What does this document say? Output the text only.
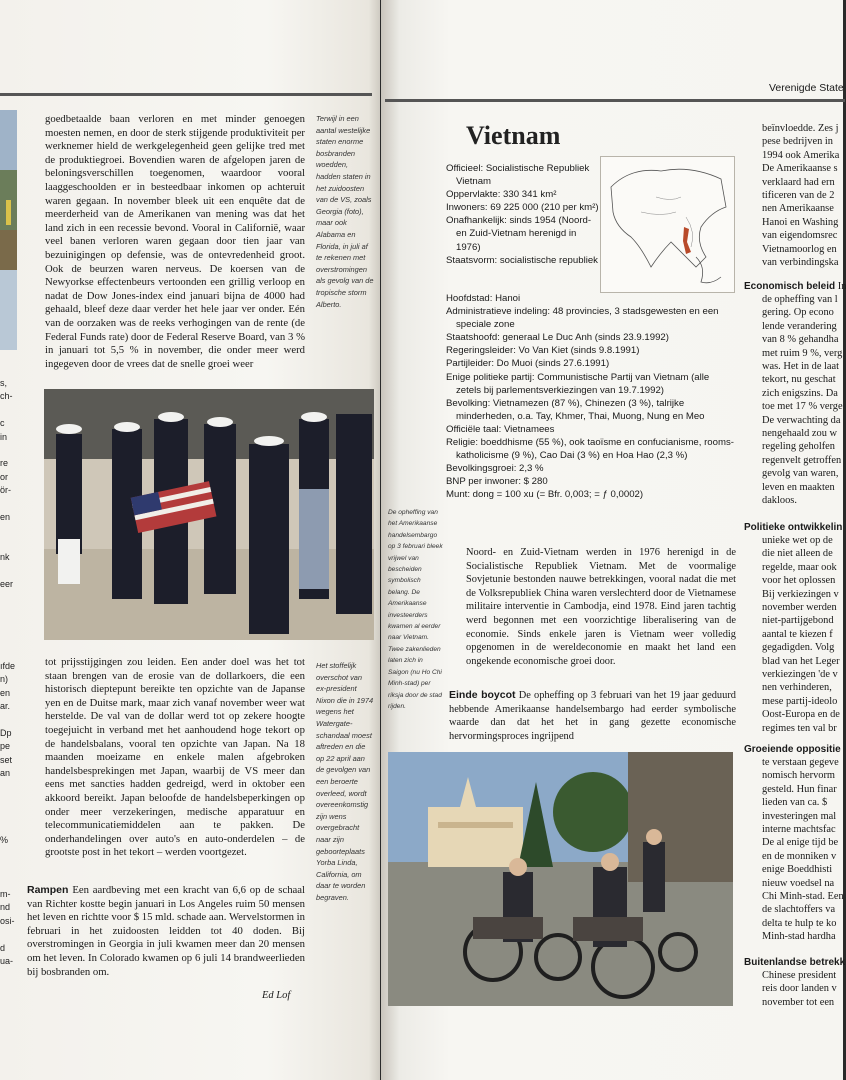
s,
ch-

c
in

re
or
ör-

en

nk

eer
ıfde
n)
en
ar.

Dp
pe
set
an

%

m-
nd
osi-

d
ua-

goedbetaalde baan verloren en met minder genoegen moesten nemen, en door de sterk stijgende produktiviteit per werknemer hield de werkgelegenheid geen gelijke tred met de produktiegroei. Bovendien waren de afgelopen jaren de beloningsverschillen toegenomen, waardoor vooral laaggeschoolden er in besteedbaar inkomen op achteruit waren gegaan. In november bleek uit een enquête dat de meerderheid van de Amerikanen van mening was dat het land zich in een recessie bevond. Vooral in Californië, waar veel banen verloren waren gegaan door tien jaar van bezuinigingen op defensie, was de ontevredenheid groot. Ook de beurzen waren nerveus. De koersen van de Newyorkse effectenbeurs vertoonden een grillig verloop en nadat de Dow Jones-index eind januari bijna de 4000 had gehaald, bleef deze daar verder het hele jaar ver onder. Eén van de oorzaken was de reeks verhogingen van de rente (de Federal Funds rate) door de Federal Reserve Board, van 3 % in januari tot 5,5 % in november, die onder meer werd ingegeven door de vrees dat de snelle groei weer

Terwijl in een aantal westelijke staten enorme bosbranden woedden, hadden staten in het zuidoosten van de VS, zoals Georgia (foto), maar ook Alabama en Florida, in juli af te rekenen met overstromingen als gevolg van de tropische storm Alberto.
tot prijsstijgingen zou leiden. Een ander doel was het tot staan brengen van de erosie van de dollarkoers, die een historisch dieptepunt bereikte ten opzichte van de Japanse yen en de Duitse mark, maar zich vanaf november weer wat herstelde. De val van de dollar werd tot op zekere hoogte toegejuicht in verband met het aanhoudend hoge tekort op de handelsbalans, vooral ten opzichte van Japan. Na 18 maanden moeizame en enkele malen afgebroken handelsbesprekingen met Japan, waarbij de VS meer dan eens met sancties hadden gedreigd, werd in oktober een akkoord bereikt. Japan beloofde de handelsbeperkingen op onder meer verzekeringen, medische apparatuur en telecommunicatiemiddelen aan te pakken. De onderhandelingen over auto's en auto-onderdelen – de grootste post in het tekort – werden voortgezet.
Het stoffelijk overschot van ex-president Nixon die in 1974 wegens het Watergate-schandaal moest aftreden en die op 22 april aan de gevolgen van een beroerte overleed, wordt overeenkomstig zijn wens overgebracht naar zijn geboorteplaats Yorba Linda, California, om daar te worden begraven.
Rampen Een aardbeving met een kracht van 6,6 op de schaal van Richter kostte begin januari in Los Angeles ruim 50 mensen het leven en richtte voor $ 15 mld. schade aan. Wervelstormen in februari in het zuidoosten leidden tot 40 doden. Bij overstromingen in Georgia in juli kwamen meer dan 20 mensen om het leven. In Colorado kwamen op 6 juli 14 brandweerlieden bij bosbranden om.
Ed Lof
Verenigde State
Vietnam
Officieel: Socialistische Republiek Vietnam
Oppervlakte: 330 341 km²
Inwoners: 69 225 000 (210 per km²)
Onafhankelijk: sinds 1954 (Noord- en Zuid-Vietnam herenigd in 1976)
Staatsvorm: socialistische republiek
Hoofdstad: Hanoi
Administratieve indeling: 48 provincies, 3 stadsgewesten en een speciale zone
Staatshoofd: generaal Le Duc Anh (sinds 23.9.1992)
Regeringsleider: Vo Van Kiet (sinds 9.8.1991)
Partijleider: Do Muoi (sinds 27.6.1991)
Enige politieke partij: Communistische Partij van Vietnam (alle zetels bij parlementsverkiezingen van 19.7.1992)
Bevolking: Vietnamezen (87 %), Chinezen (3 %), talrijke minderheden, o.a. Tay, Khmer, Thai, Muong, Nung en Meo
Officiële taal: Vietnamees
Religie: boeddhisme (55 %), ook taoïsme en confucianisme, rooms-katholicisme (9 %), Cao Dai (3 %) en Hoa Hao (2,3 %)
Bevolkingsgroei: 2,3 %
BNP per inwoner: $ 280
Munt: dong = 100 xu (= Bfr. 0,003; = ƒ 0,0002)
Noord- en Zuid-Vietnam werden in 1976 herenigd in de Socialistische Republiek Vietnam. Met de voormalige Sovjetunie bestonden nauwe betrekkingen, vooral nadat die met de Volksrepubliek China waren verslechterd door de Vietnamese militaire interventie in Cambodja, eind 1978. Eind jaren tachtig werd begonnen met een voorzichtige liberalisering van de economie. Sinds enkele jaren is Vietnam weer volledig opgenomen in de wereldeconomie en maakt het land een ongekende economische groei door.
De opheffing van het Amerikaanse handelsembargo op 3 februari bleek vrijwel van bescheiden symbolisch belang. De Amerikaanse investeerders kwamen al eerder naar Vietnam. Twee zakenlieden laten zich in Saigon (nu Ho Chi Minh-stad) per riksja door de stad rijden.
Einde boycot De opheffing op 3 februari van het 19 jaar geduurd hebbende Amerikaanse handelsembargo had eerder symbolische waarde dan dat het het in gang gezette economische hervormingsproces ingrijpend
beïnvloedde. Zes j
pese bedrijven in
1994 ook Amerika
De Amerikaanse s
verklaard had ern
tificeren van de 2
nen Amerikaanse
Hanoi en Washing
van eigendomsrec
Vietnamoorlog en
van verbindingska
Economisch beleid In
de opheffing van l
gering. Op econo
lende verandering
van 8 % gehandha
met ruim 9 %, verg
was. Het in de laat
tekort, nu geschat
zich enigszins. Da
toe met 17 % verge
De verwachting da
nengehaald zou w
regeling geholfen
regenvelt getroffen
gevolg van waren,
leven en maakten
dakloos.
Politieke ontwikkelin
unieke wet op de
die niet alleen de
regelde, maar ook
voor het oplossen
Bij verkiezingen v
november werden
niet-partijgebond
aantal te kiezen f
gegadigden. Volg
blad van het Leger
verkiezingen 'de v
nen verhinderen,
mese partij-ideolo
Oost-Europa en de
regimes ten val br
Groeiende oppositie
te verstaan gegeve
nomisch hervorm
gesteld. Hun finar
lieden van ca. $
investeringen mal
interne machtsfac
De al enige tijd be
en de monniken v
enige Boeddhisti
nieuw voedsel na
Chi Minh-stad. Een
de slachtoffers va
delta te hulp te ko
Minh-stad hardha
Buitenlandse betrekk
Chinese president
reis door landen v
november tot een
